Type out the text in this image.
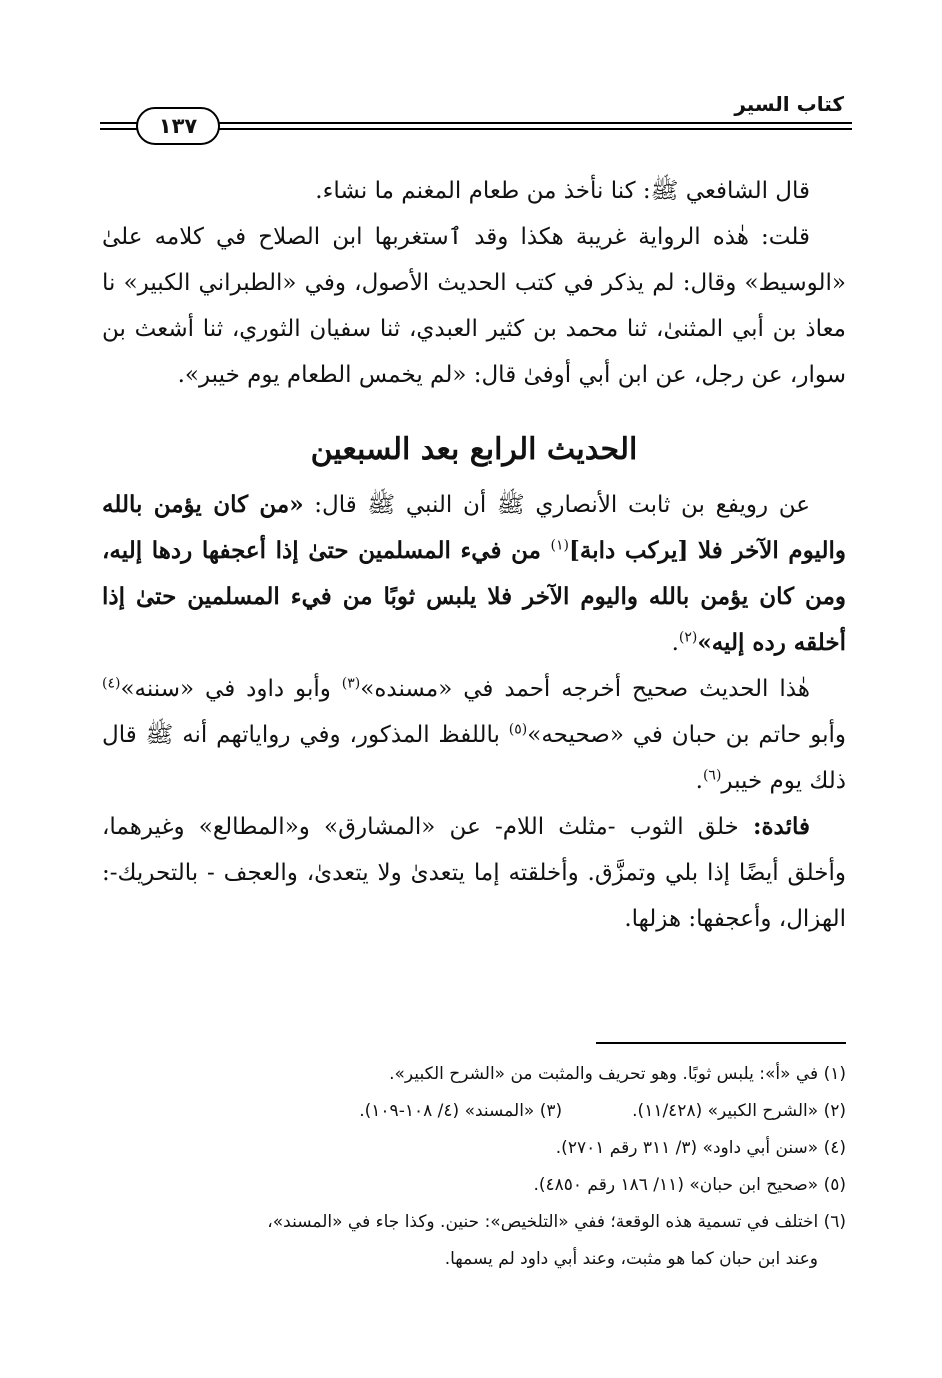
كتاب السير
١٣٧

قال الشافعي ﷺ: كنا نأخذ من طعام المغنم ما نشاء.

قلت: هٰذه الرواية غريبة هكذا وقد ٱستغربها ابن الصلاح في كلامه علىٰ «الوسيط» وقال: لم يذكر في كتب الحديث الأصول، وفي «الطبراني الكبير» نا معاذ بن أبي المثنىٰ، ثنا محمد بن كثير العبدي، ثنا سفيان الثوري، ثنا أشعث بن سوار، عن رجل، عن ابن أبي أوفىٰ قال: «لم يخمس الطعام يوم خيبر».

الحديث الرابع بعد السبعين

عن رويفع بن ثابت الأنصاري ﷺ أن النبي ﷺ قال: «من كان يؤمن بالله واليوم الآخر فلا [يركب دابة]$^{(١)}$ من فيء المسلمين حتىٰ إذا أعجفها ردها إليه، ومن كان يؤمن بالله واليوم الآخر فلا يلبس ثوبًا من فيء المسلمين حتىٰ إذا أخلقه رده إليه»$^{(٢)}$.

هٰذا الحديث صحيح أخرجه أحمد في «مسنده»$^{(٣)}$ وأبو داود في «سننه»$^{(٤)}$ وأبو حاتم بن حبان في «صحيحه»$^{(٥)}$ باللفظ المذكور، وفي رواياتهم أنه ﷺ قال ذلك يوم خيبر$^{(٦)}$.

فائدة: خلق الثوب -مثلث اللام- عن «المشارق» و«المطالع» وغيرهما، وأخلق أيضًا إذا بلي وتمزَّق. وأخلقته إما يتعدىٰ ولا يتعدىٰ، والعجف - بالتحريك-: الهزال، وأعجفها: هزلها.

(١) في «أ»: يلبس ثوبًا. وهو تحريف والمثبت من «الشرح الكبير».

(٢) «الشرح الكبير» (١١/٤٢٨).

(٣) «المسند» (٤/ ١٠٨-١٠٩).

(٤) «سنن أبي داود» (٣/ ٣١١ رقم ٢٧٠١).

(٥) «صحيح ابن حبان» (١١/ ١٨٦ رقم ٤٨٥٠).

(٦) اختلف في تسمية هذه الوقعة؛ ففي «التلخيص»: حنين. وكذا جاء في «المسند»،

وعند ابن حبان كما هو مثبت، وعند أبي داود لم يسمها.
